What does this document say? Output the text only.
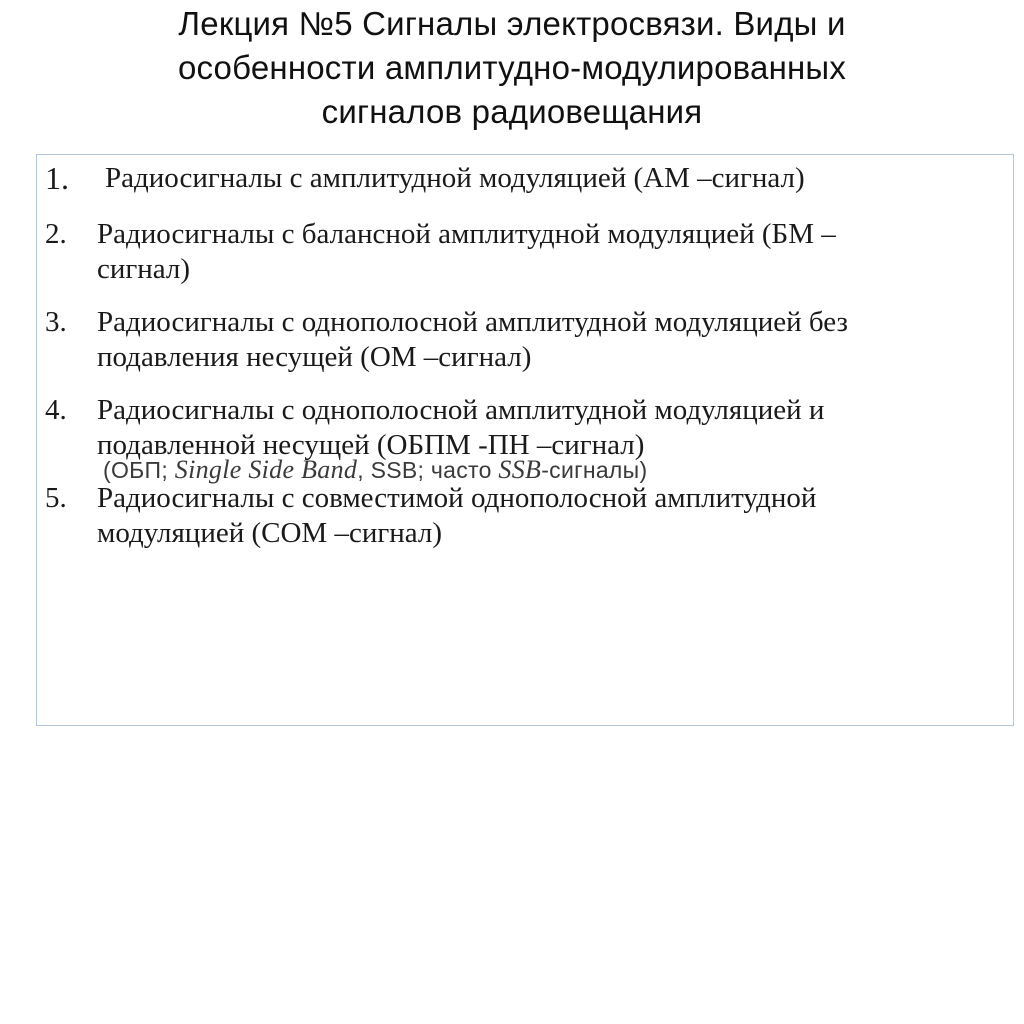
Лекция №5 Сигналы электросвязи. Виды и
особенности амплитудно-модулированных
сигналов радиовещания
1. Радиосигналы с амплитудной модуляцией (АМ –сигнал)
2. Радиосигналы с балансной амплитудной модуляцией (БМ –
сигнал)
3. Радиосигналы с однополосной амплитудной модуляцией без
подавления несущей (ОМ –сигнал)
4. Радиосигналы с однополосной амплитудной модуляцией и
подавленной несущей (ОБПМ -ПН –сигнал)
(ОБП; Single Side Band, SSB; часто SSB-сигналы)
5. Радиосигналы с совместимой однополосной амплитудной
модуляцией (СОМ –сигнал)
